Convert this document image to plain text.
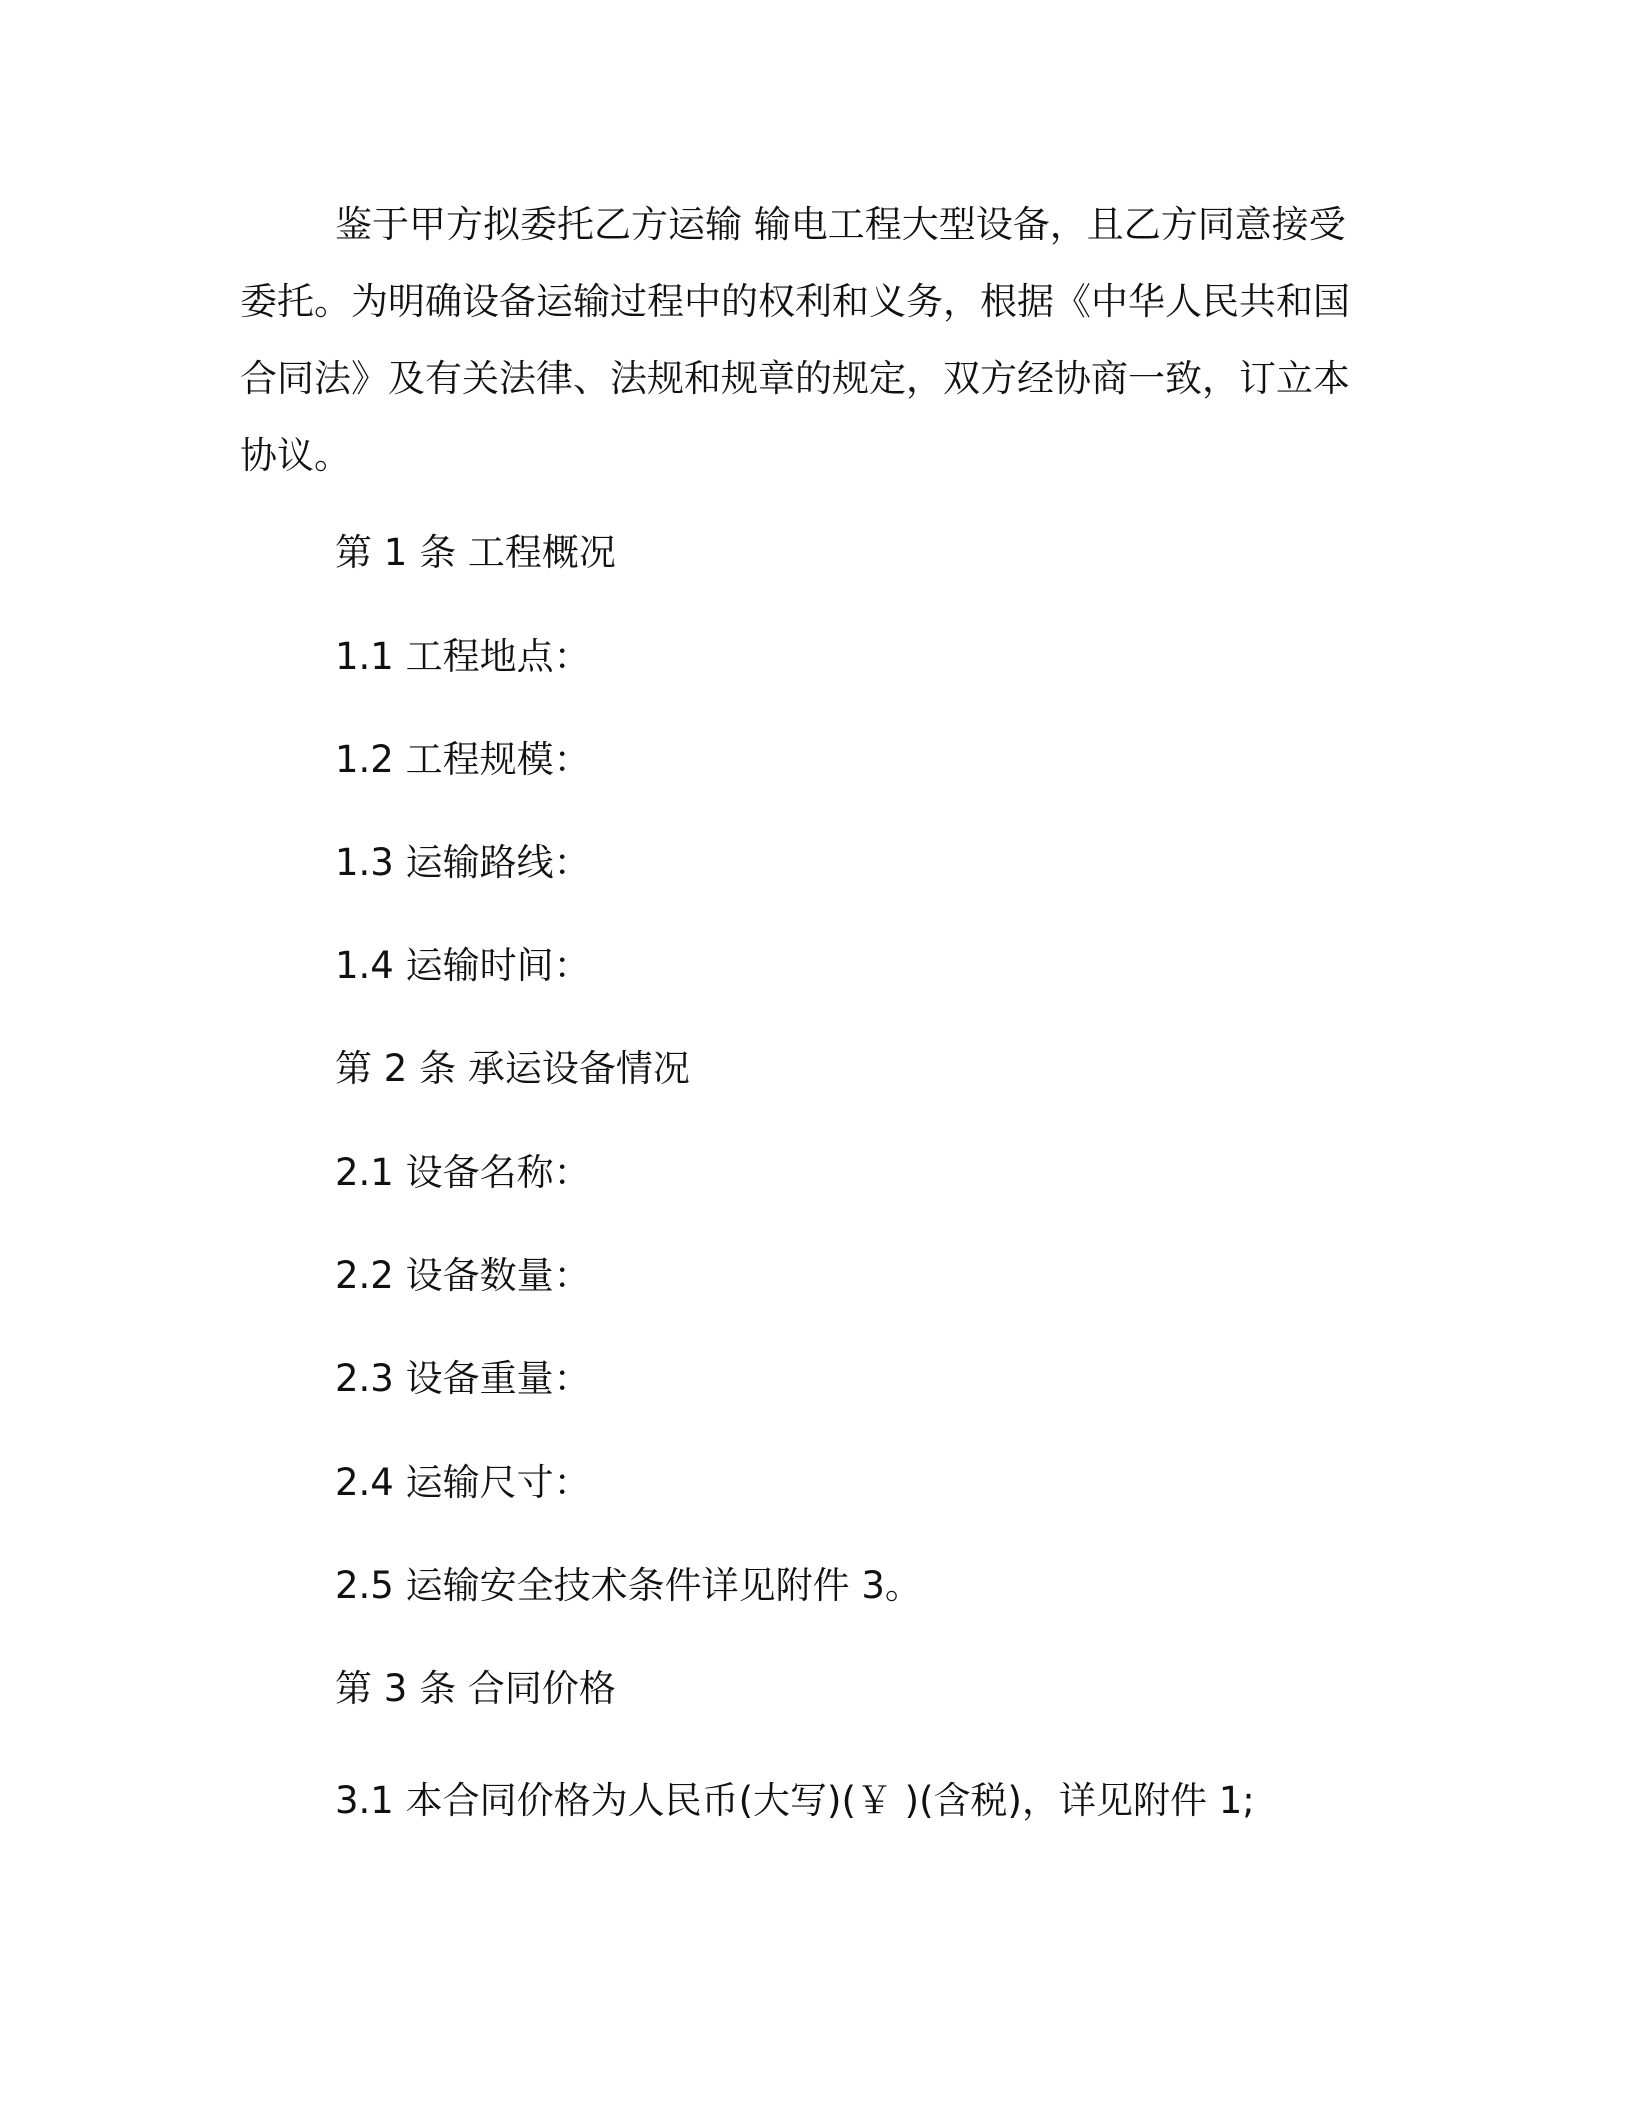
鉴于甲方拟委托乙方运输 输电工程大型设备，且乙方同意接受委托。为明确设备运输过程中的权利和义务，根据《中华人民共和国合同法》及有关法律、法规和规章的规定，双方经协商一致，订立本协议。

第 1 条 工程概况

1.1 工程地点：

1.2 工程规模：

1.3 运输路线：

1.4 运输时间：

第 2 条 承运设备情况

2.1 设备名称：

2.2 设备数量：

2.3 设备重量：

2.4 运输尺寸：

2.5 运输安全技术条件详见附件 3。

第 3 条 合同价格

3.1 本合同价格为人民币(大写)(￥ )(含税)，详见附件 1;
